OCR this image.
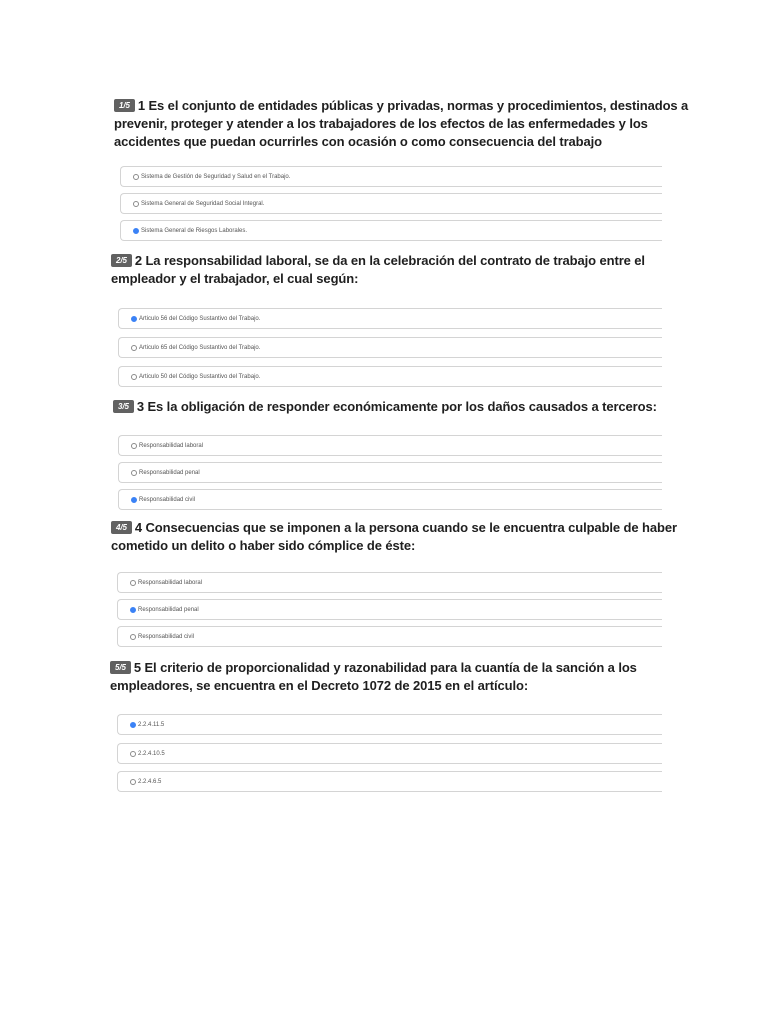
1/5 1 Es el conjunto de entidades públicas y privadas, normas y procedimientos, destinados a
prevenir, proteger y atender a los trabajadores de los efectos de las enfermedades y los
accidentes que puedan ocurrirles con ocasión o como consecuencia del trabajo
Sistema de Gestión de Seguridad y Salud en el Trabajo.
Sistema General de Seguridad Social Integral.
Sistema General de Riesgos Laborales.
2/5 2 La responsabilidad laboral, se da en la celebración del contrato de trabajo entre el
empleador y el trabajador, el cual según:
Articulo 56 del Código Sustantivo del Trabajo.
Articulo 65 del Código Sustantivo del Trabajo.
Articulo 50 del Código Sustantivo del Trabajo.
3/5 3 Es la obligación de responder económicamente por los daños causados a terceros:
Responsabilidad laboral
Responsabilidad penal
Responsabilidad civil
4/5 4 Consecuencias que se imponen a la persona cuando se le encuentra culpable de haber
cometido un delito o haber sido cómplice de éste:
Responsabilidad laboral
Responsabilidad penal
Responsabilidad civil
5/5 5 El criterio de proporcionalidad y razonabilidad para la cuantía de la sanción a los
empleadores, se encuentra en el Decreto 1072 de 2015 en el artículo:
2.2.4.11.5
2.2.4.10.5
2.2.4.6.5
